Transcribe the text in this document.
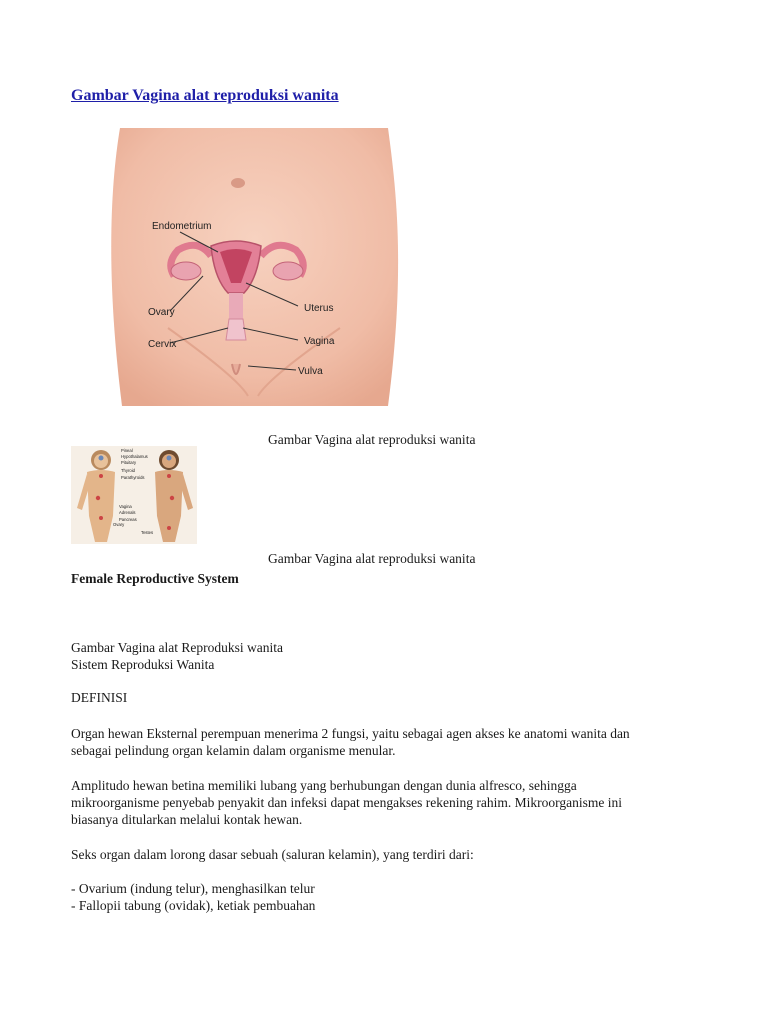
Gambar Vagina alat reproduksi wanita
Endometrium
Ovary
Cervix
Uterus
Vagina
Vulva
Gambar Vagina alat reproduksi wanita
Pineal
Hypothalamus
Pituitary
Thyroid
Parathyroids
Vagina
Adrenals
Pancreas
Ovary
Testes
Gambar Vagina alat reproduksi wanita
Female Reproductive System
Gambar Vagina alat Reproduksi wanita
Sistem Reproduksi Wanita
DEFINISI
Organ hewan Eksternal perempuan menerima 2 fungsi, yaitu sebagai agen akses ke anatomi wanita dan
sebagai pelindung organ kelamin dalam organisme menular.
Amplitudo hewan betina memiliki lubang yang berhubungan dengan dunia alfresco, sehingga
mikroorganisme penyebab penyakit dan infeksi dapat mengakses rekening rahim. Mikroorganisme ini
biasanya ditularkan melalui kontak hewan.
Seks organ dalam lorong dasar sebuah (saluran kelamin), yang terdiri dari:
- Ovarium (indung telur), menghasilkan telur
- Fallopii tabung (ovidak), ketiak pembuahan
